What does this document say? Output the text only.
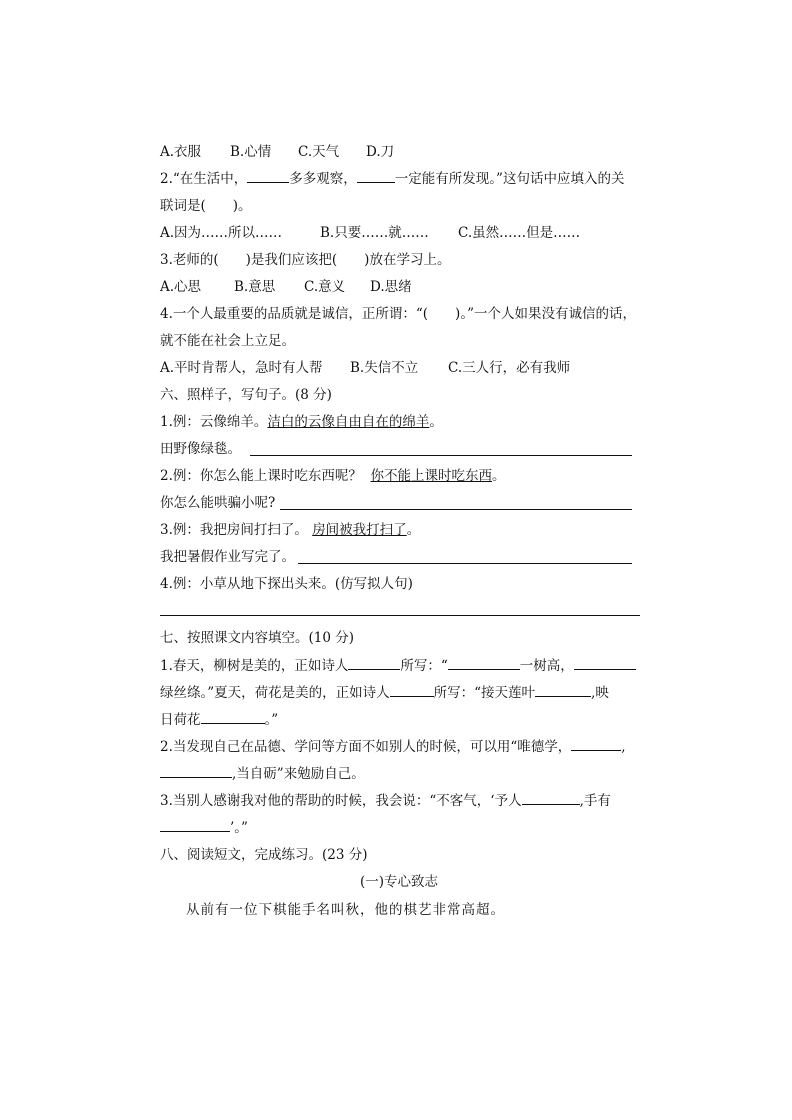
A.衣服 B.心情 C.天气 D.刀
2.“在生活中，	多多观察，	一定能有所发现。”这句话中应填入的关
联词是(　　)。
A.因为……所以……	B.只要……就…… C.虽然……但是……
3.老师的(　　)是我们应该把(　　)放在学习上。
A.心思 B.意思 C.意义 D.思绪
4.一个人最重要的品质就是诚信，正所谓：“(　　)。”一个人如果没有诚信的话，
就不能在社会上立足。
A.平时肯帮人，急时有人帮 B.失信不立 C.三人行，必有我师
六、照样子，写句子。(8 分)
1.例：云像绵羊。洁白的云像自由自在的绵羊。
田野像绿毯。
2.例：你怎么能上课时吃东西呢？ 你不能上课时吃东西。
你怎么能哄骗小呢?
3.例：我把房间打扫了。 房间被我打扫了。
我把暑假作业写完了。
4.例：小草从地下探出头来。(仿写拟人句)
七、按照课文内容填空。(10 分)
1.春天，柳树是美的，正如诗人	所写：“	一树高，
绿丝绦。”夏天，荷花是美的，正如诗人	所写：“接天莲叶	,映
日荷花	。”
2.当发现自己在品德、学问等方面不如别人的时候，可以用“唯德学，	,
,当自砺”来勉励自己。
3.当别人感谢我对他的帮助的时候，我会说：“不客气，‘予人	,手有
’。”
八、阅读短文，完成练习。(23 分)
(一)专心致志
从前有一位下棋能手名叫秋，他的棋艺非常高超。
